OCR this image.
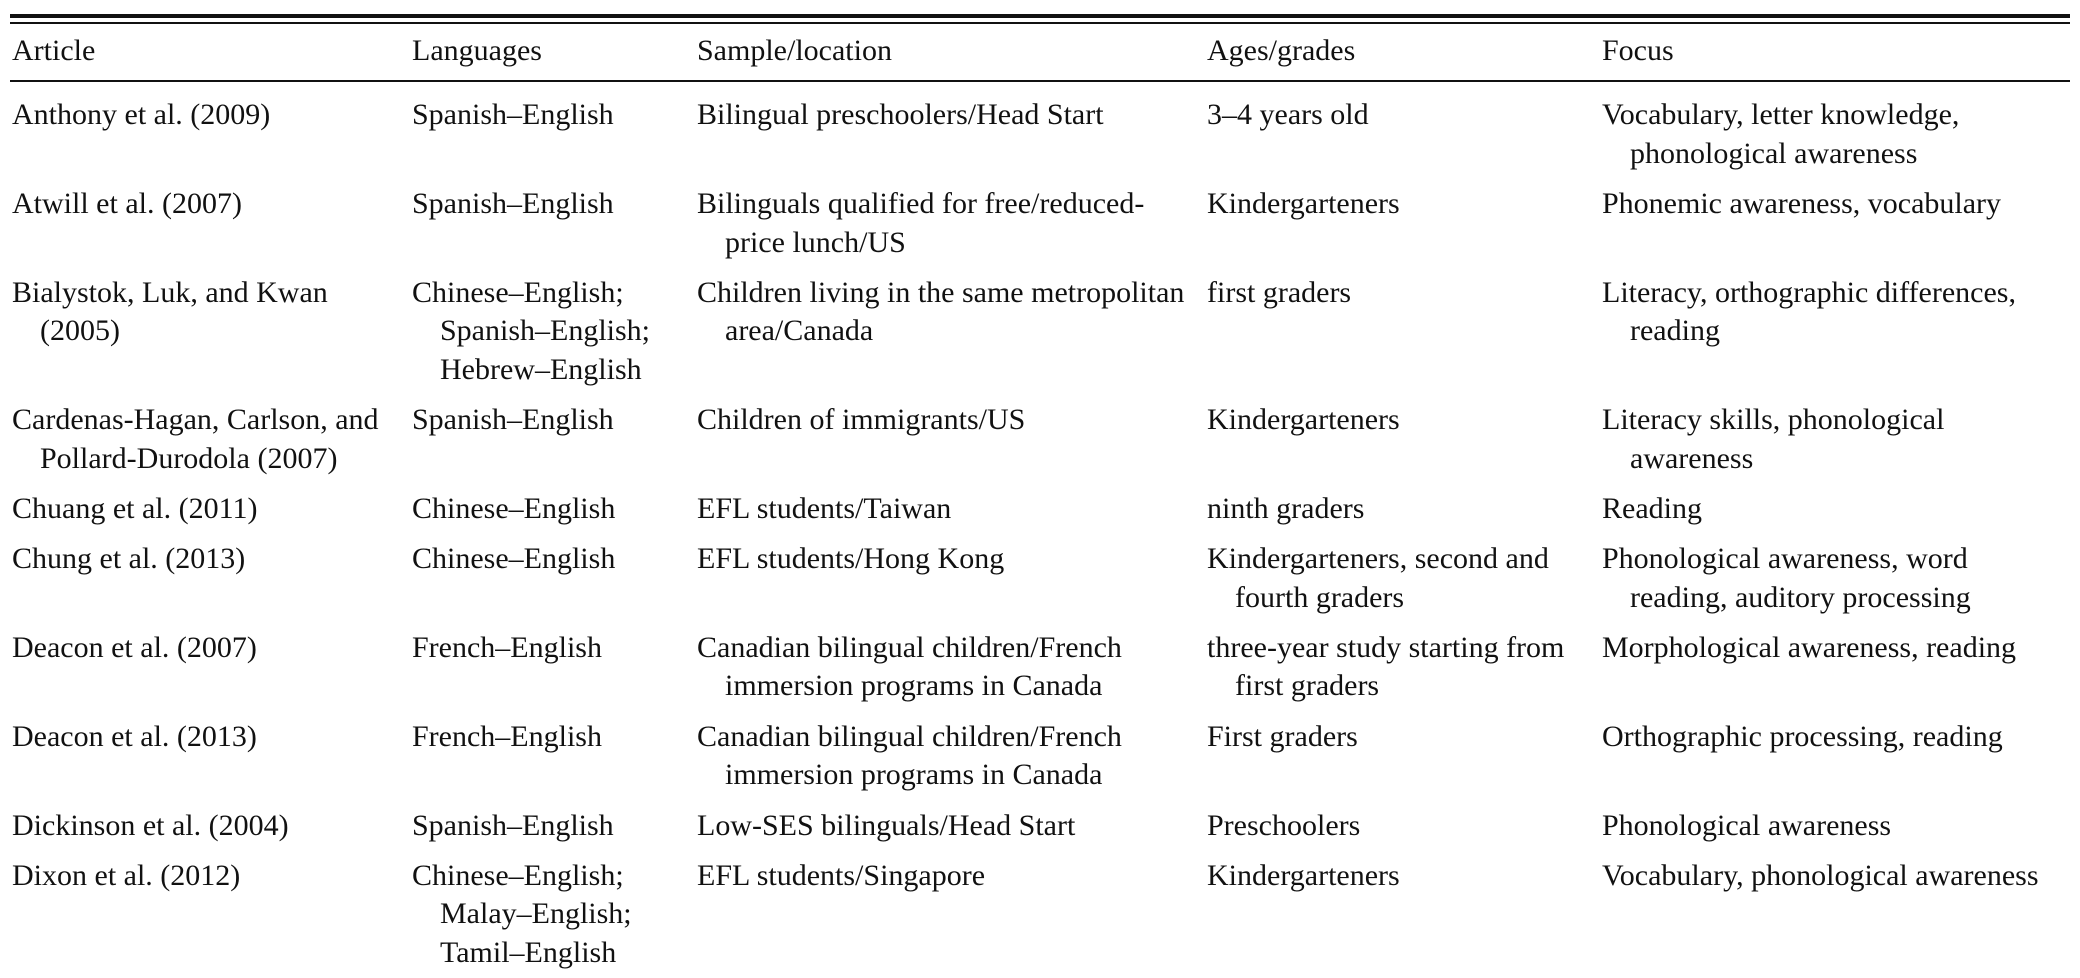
Article	Languages	Sample/location	Ages/grades	Focus
Anthony et al. (2009)	Spanish–English	Bilingual preschoolers/Head Start	3–4 years old	Vocabulary, letter knowledge, phonological awareness

Atwill et al. (2007)	Spanish–English	Bilinguals qualified for free/reduced-price lunch/US	Kindergarteners	Phonemic awareness, vocabulary

Bialystok, Luk, and Kwan (2005)	Chinese–English; Spanish–English; Hebrew–English	Children living in the same metropolitan area/Canada	first graders	Literacy, orthographic differences, reading

Cardenas-Hagan, Carlson, and Pollard-Durodola (2007)	Spanish–English	Children of immigrants/US	Kindergarteners	Literacy skills, phonological awareness

Chuang et al. (2011)	Chinese–English	EFL students/Taiwan	ninth graders	Reading

Chung et al. (2013)	Chinese–English	EFL students/Hong Kong	Kindergarteners, second and fourth graders	Phonological awareness, word reading, auditory processing

Deacon et al. (2007)	French–English	Canadian bilingual children/French immersion programs in Canada	three-year study starting from first graders	Morphological awareness, reading

Deacon et al. (2013)	French–English	Canadian bilingual children/French immersion programs in Canada	First graders	Orthographic processing, reading

Dickinson et al. (2004)	Spanish–English	Low-SES bilinguals/Head Start	Preschoolers	Phonological awareness

Dixon et al. (2012)	Chinese–English; Malay–English; Tamil–English	EFL students/Singapore	Kindergarteners	Vocabulary, phonological awareness
